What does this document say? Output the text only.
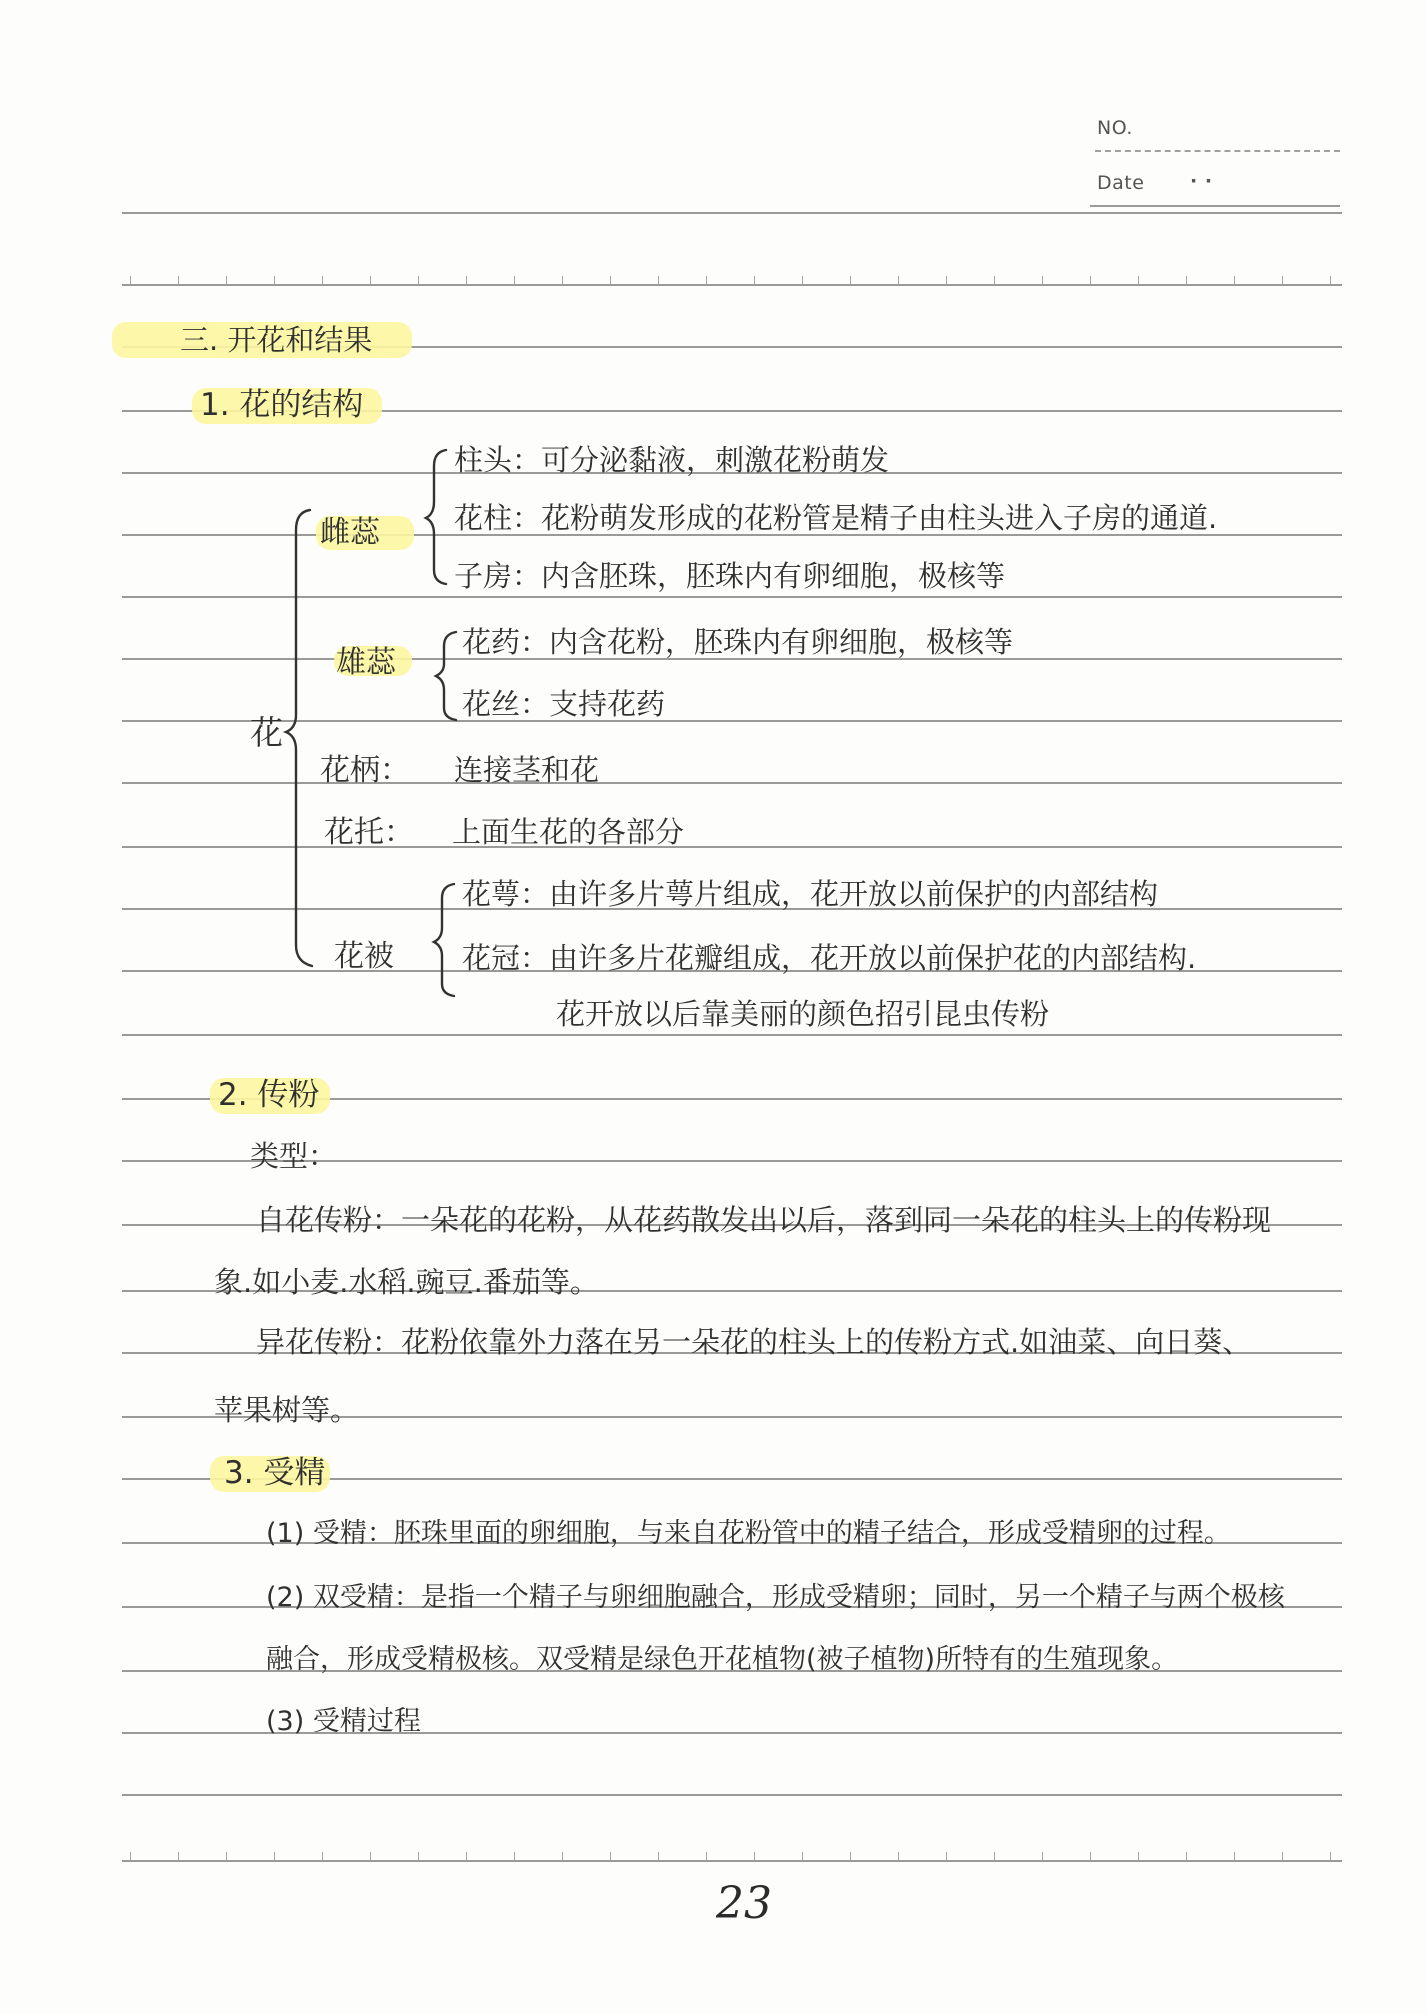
NO.
Date · ·
三. 开花和结果
1. 花的结构
花
雌蕊
柱头：可分泌黏液，刺激花粉萌发
花柱：花粉萌发形成的花粉管是精子由柱头进入子房的通道.
子房：内含胚珠，胚珠内有卵细胞，极核等
雄蕊
花药：内含花粉，胚珠内有卵细胞，极核等
花丝：支持花药
花柄： 连接茎和花
花托： 上面生花的各部分
花被
花萼：由许多片萼片组成，花开放以前保护的内部结构
花冠：由许多片花瓣组成，花开放以前保护花的内部结构.
花开放以后靠美丽的颜色招引昆虫传粉
2. 传粉
类型：
自花传粉：一朵花的花粉，从花药散发出以后，落到同一朵花的柱头上的传粉现
象.如小麦.水稻.豌豆.番茄等。
异花传粉：花粉依靠外力落在另一朵花的柱头上的传粉方式.如油菜、向日葵、
苹果树等。
3. 受精
(1) 受精：胚珠里面的卵细胞，与来自花粉管中的精子结合，形成受精卵的过程。
(2) 双受精：是指一个精子与卵细胞融合，形成受精卵；同时，另一个精子与两个极核
融合，形成受精极核。双受精是绿色开花植物(被子植物)所特有的生殖现象。
(3) 受精过程
23
